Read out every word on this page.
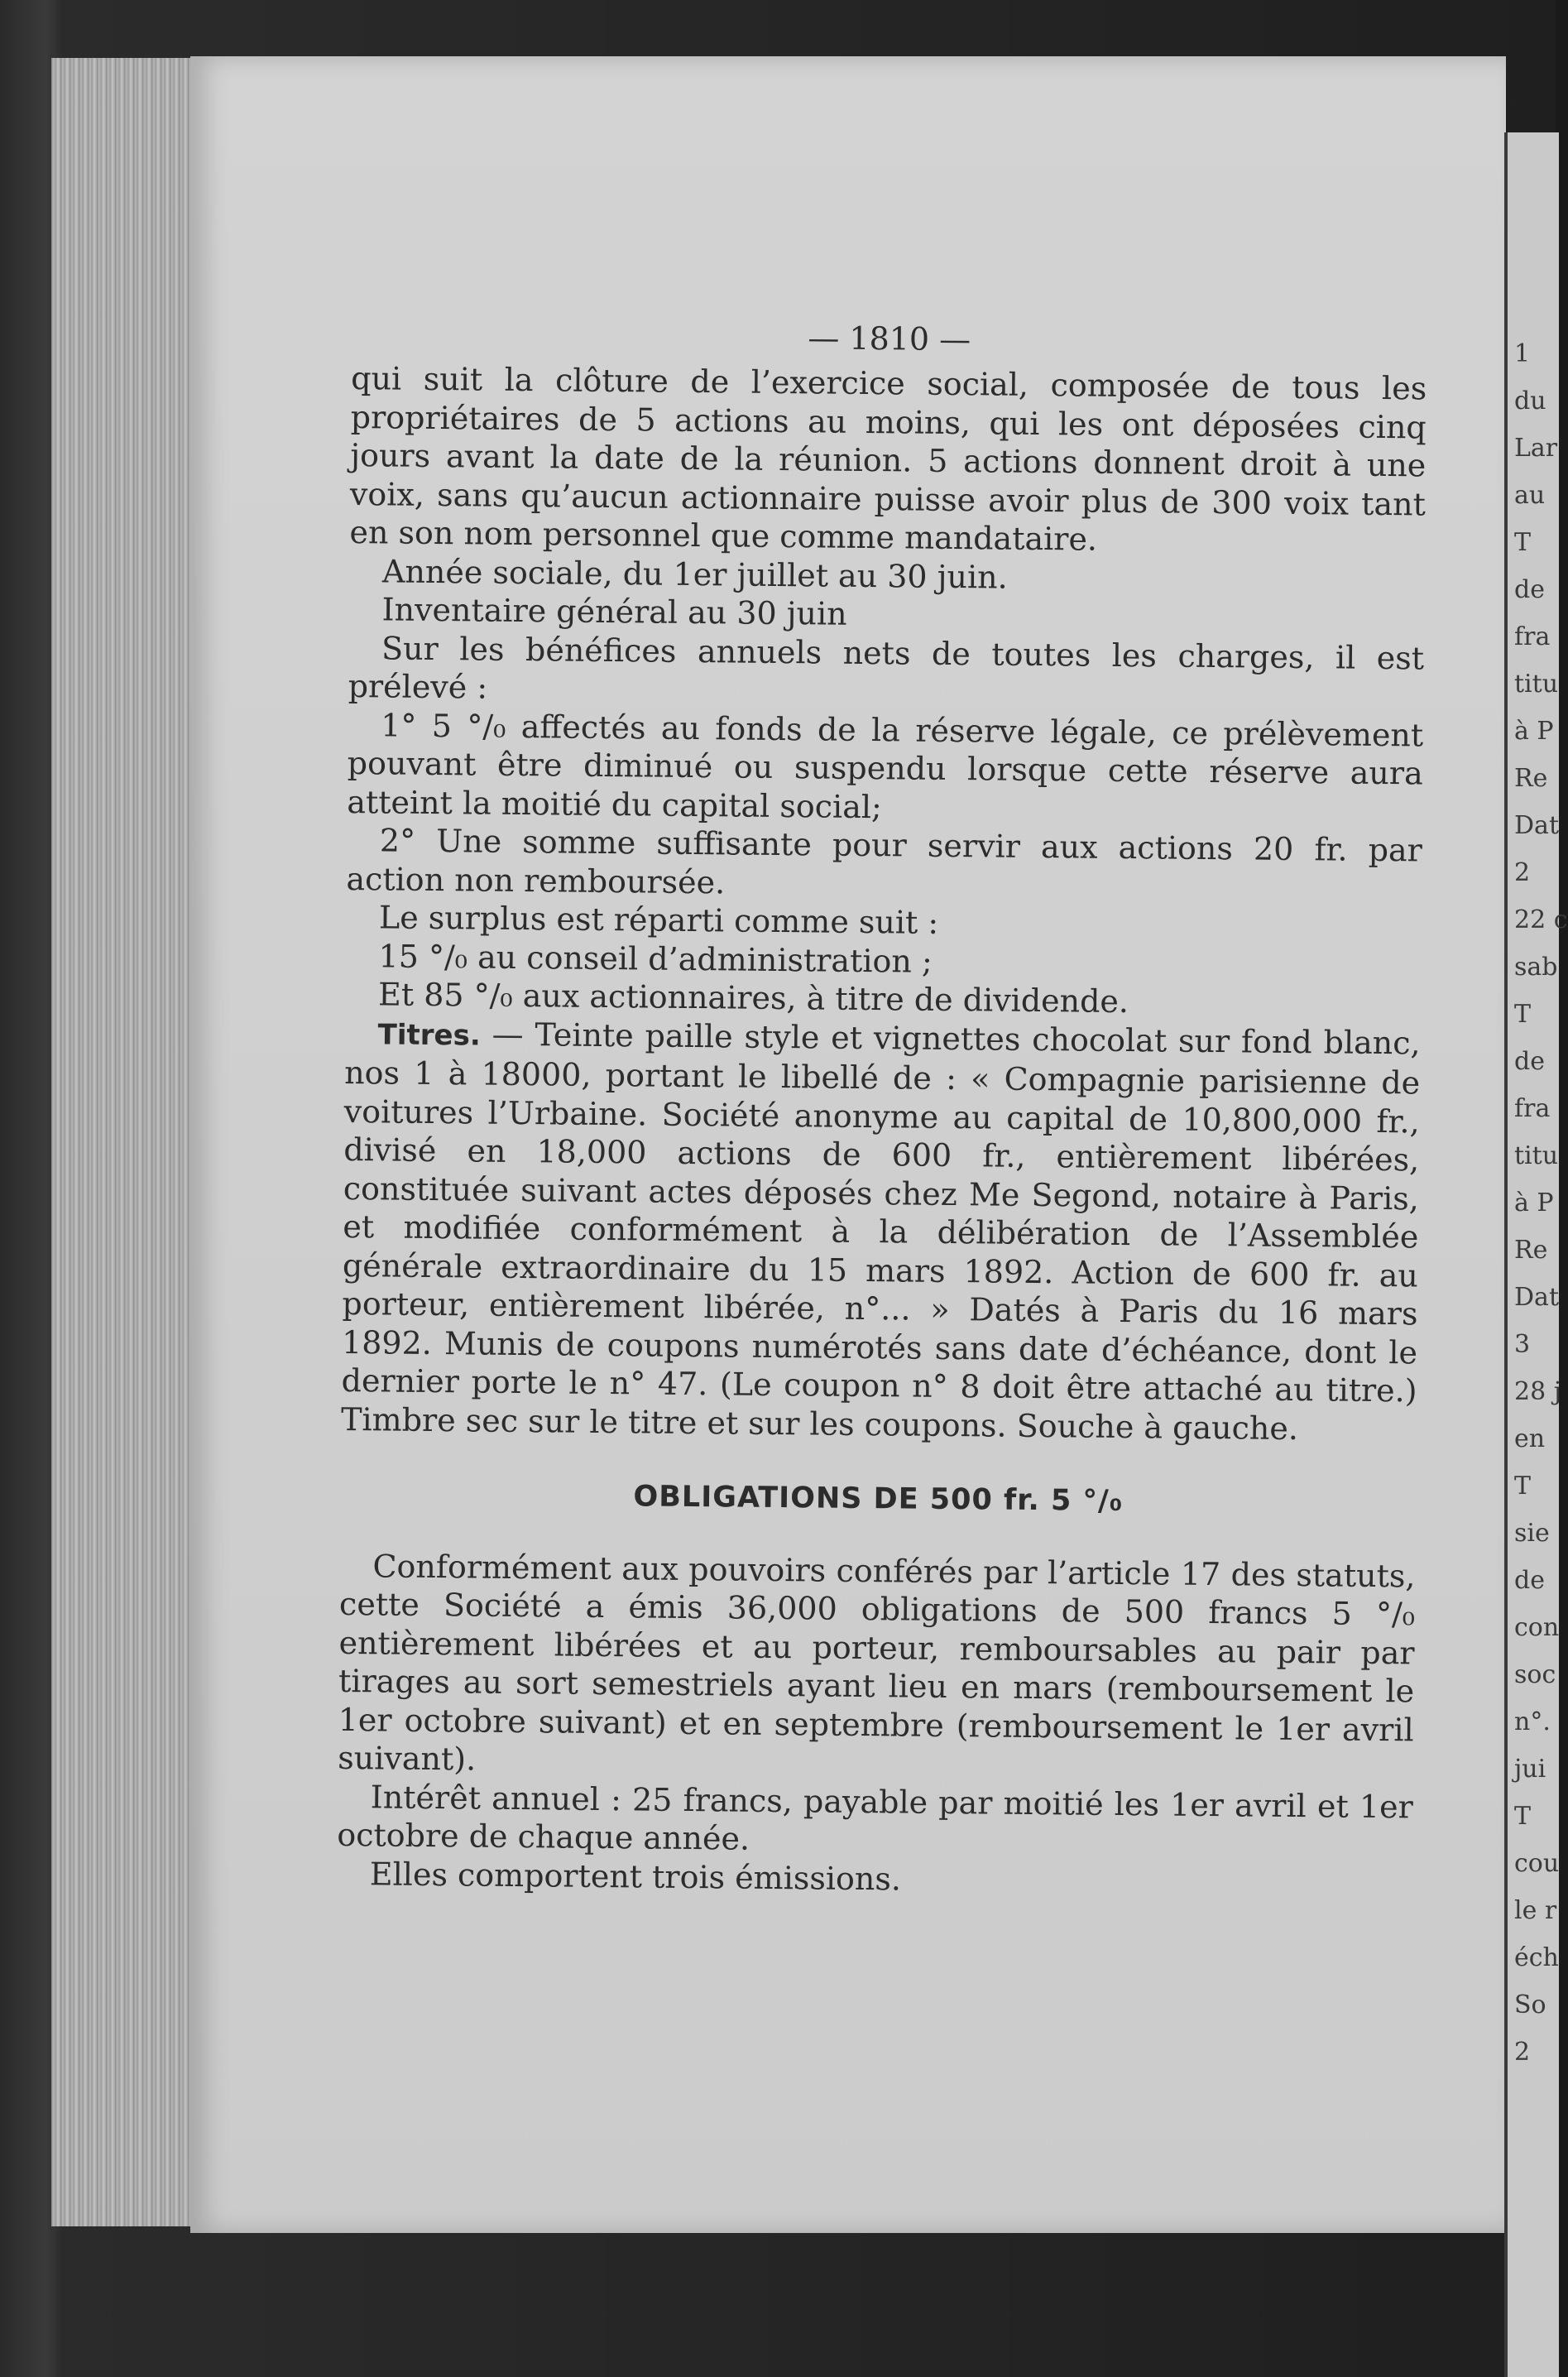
1
du
Lar
au
T
de
fra
titu
à P
Re
Dat
2
22 c
sab
T
de
fra
titu
à P
Re
Dat
3
28 j
en
T
sie
de
con
soc
n°.
jui
T
cou
le r
éch
So
2
— 1810 —

qui suit la clôture de l’exercice social, composée de tous les propriétaires de 5 actions au moins, qui les ont déposées cinq jours avant la date de la réunion. 5 actions donnent droit à une voix, sans qu’aucun actionnaire puisse avoir plus de 300 voix tant en son nom personnel que comme mandataire.

Année sociale, du 1er juillet au 30 juin.

Inventaire général au 30 juin

Sur les bénéfices annuels nets de toutes les charges, il est prélevé :

1° 5 °/₀ affectés au fonds de la réserve légale, ce prélèvement pouvant être diminué ou suspendu lorsque cette réserve aura atteint la moitié du capital social;

2° Une somme suffisante pour servir aux actions 20 fr. par action non remboursée.

Le surplus est réparti comme suit :

15 °/₀ au conseil d’administration ;

Et 85 °/₀ aux actionnaires, à titre de dividende.

Titres. — Teinte paille style et vignettes chocolat sur fond blanc, nos 1 à 18000, portant le libellé de : « Compagnie parisienne de voitures l’Urbaine. Société anonyme au capital de 10,800,000 fr., divisé en 18,000 actions de 600 fr., entièrement libérées, constituée suivant actes déposés chez Me Segond, notaire à Paris, et modifiée conformément à la délibération de l’Assemblée générale extraordinaire du 15 mars 1892. Action de 600 fr. au porteur, entièrement libérée, n°... » Datés à Paris du 16 mars 1892. Munis de coupons numérotés sans date d’échéance, dont le dernier porte le n° 47. (Le coupon n° 8 doit être attaché au titre.) Timbre sec sur le titre et sur les coupons. Souche à gauche.

OBLIGATIONS DE 500 fr. 5 °/₀

Conformément aux pouvoirs conférés par l’article 17 des statuts, cette Société a émis 36,000 obligations de 500 francs 5 °/₀ entièrement libérées et au porteur, remboursables au pair par tirages au sort semestriels ayant lieu en mars (remboursement le 1er octobre suivant) et en septembre (remboursement le 1er avril suivant).

Intérêt annuel : 25 francs, payable par moitié les 1er avril et 1er octobre de chaque année.

Elles comportent trois émissions.
